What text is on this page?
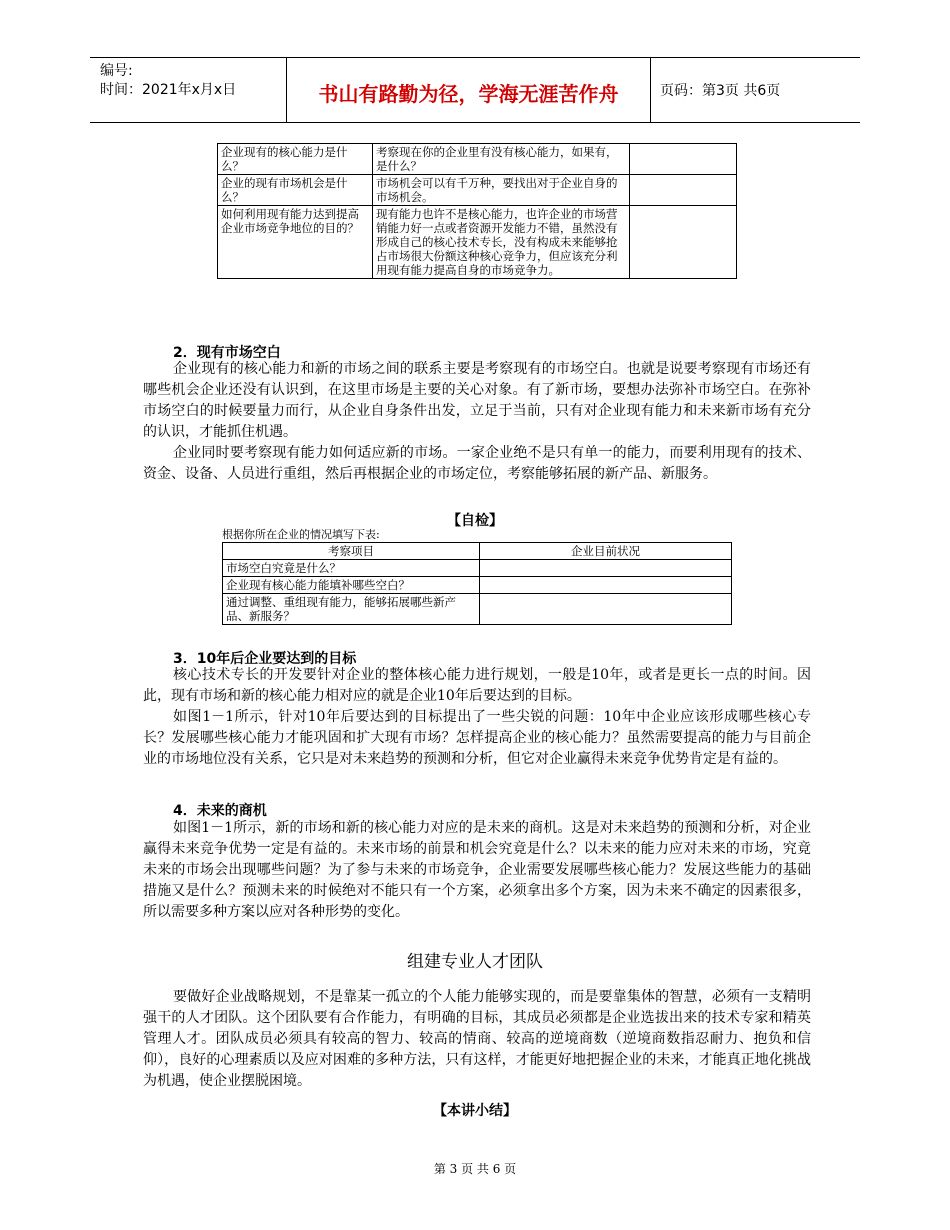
编号:
时间：2021年x月x日	书山有路勤为径，学海无涯苦作舟	页码：第3页 共6页
企业现有的核心能力是什么？	考察现在你的企业里有没有核心能力，如果有，是什么？	
企业的现有市场机会是什么？	市场机会可以有千万种，要找出对于企业自身的市场机会。	
如何利用现有能力达到提高企业市场竞争地位的目的？	现有能力也许不是核心能力，也许企业的市场营销能力好一点或者资源开发能力不错，虽然没有形成自己的核心技术专长，没有构成未来能够抢占市场很大份额这种核心竞争力，但应该充分利用现有能力提高自身的市场竞争力。	
2．现有市场空白

企业现有的核心能力和新的市场之间的联系主要是考察现有的市场空白。也就是说要考察现有市场还有哪些机会企业还没有认识到，在这里市场是主要的关心对象。有了新市场，要想办法弥补市场空白。在弥补市场空白的时候要量力而行，从企业自身条件出发，立足于当前，只有对企业现有能力和未来新市场有充分的认识，才能抓住机遇。

企业同时要考察现有能力如何适应新的市场。一家企业绝不是只有单一的能力，而要利用现有的技术、资金、设备、人员进行重组，然后再根据企业的市场定位，考察能够拓展的新产品、新服务。

【自检】
根据你所在企业的情况填写下表:
考察项目	企业目前状况
市场空白究竟是什么？	
企业现有核心能力能填补哪些空白？	
通过调整、重组现有能力，能够拓展哪些新产品、新服务？	
3．10年后企业要达到的目标

核心技术专长的开发要针对企业的整体核心能力进行规划，一般是10年，或者是更长一点的时间。因此，现有市场和新的核心能力相对应的就是企业10年后要达到的目标。

如图1－1所示，针对10年后要达到的目标提出了一些尖锐的问题：10年中企业应该形成哪些核心专长？发展哪些核心能力才能巩固和扩大现有市场？怎样提高企业的核心能力？虽然需要提高的能力与目前企业的市场地位没有关系，它只是对未来趋势的预测和分析，但它对企业赢得未来竞争优势肯定是有益的。

4．未来的商机

如图1－1所示，新的市场和新的核心能力对应的是未来的商机。这是对未来趋势的预测和分析，对企业赢得未来竞争优势一定是有益的。未来市场的前景和机会究竟是什么？以未来的能力应对未来的市场，究竟未来的市场会出现哪些问题？为了参与未来的市场竞争，企业需要发展哪些核心能力？发展这些能力的基础措施又是什么？预测未来的时候绝对不能只有一个方案，必须拿出多个方案，因为未来不确定的因素很多，所以需要多种方案以应对各种形势的变化。

组建专业人才团队

要做好企业战略规划，不是靠某一孤立的个人能力能够实现的，而是要靠集体的智慧，必须有一支精明强干的人才团队。这个团队要有合作能力，有明确的目标，其成员必须都是企业选拔出来的技术专家和精英管理人才。团队成员必须具有较高的智力、较高的情商、较高的逆境商数（逆境商数指忍耐力、抱负和信仰），良好的心理素质以及应对困难的多种方法，只有这样，才能更好地把握企业的未来，才能真正地化挑战为机遇，使企业摆脱困境。

【本讲小结】
第 3 页 共 6 页
